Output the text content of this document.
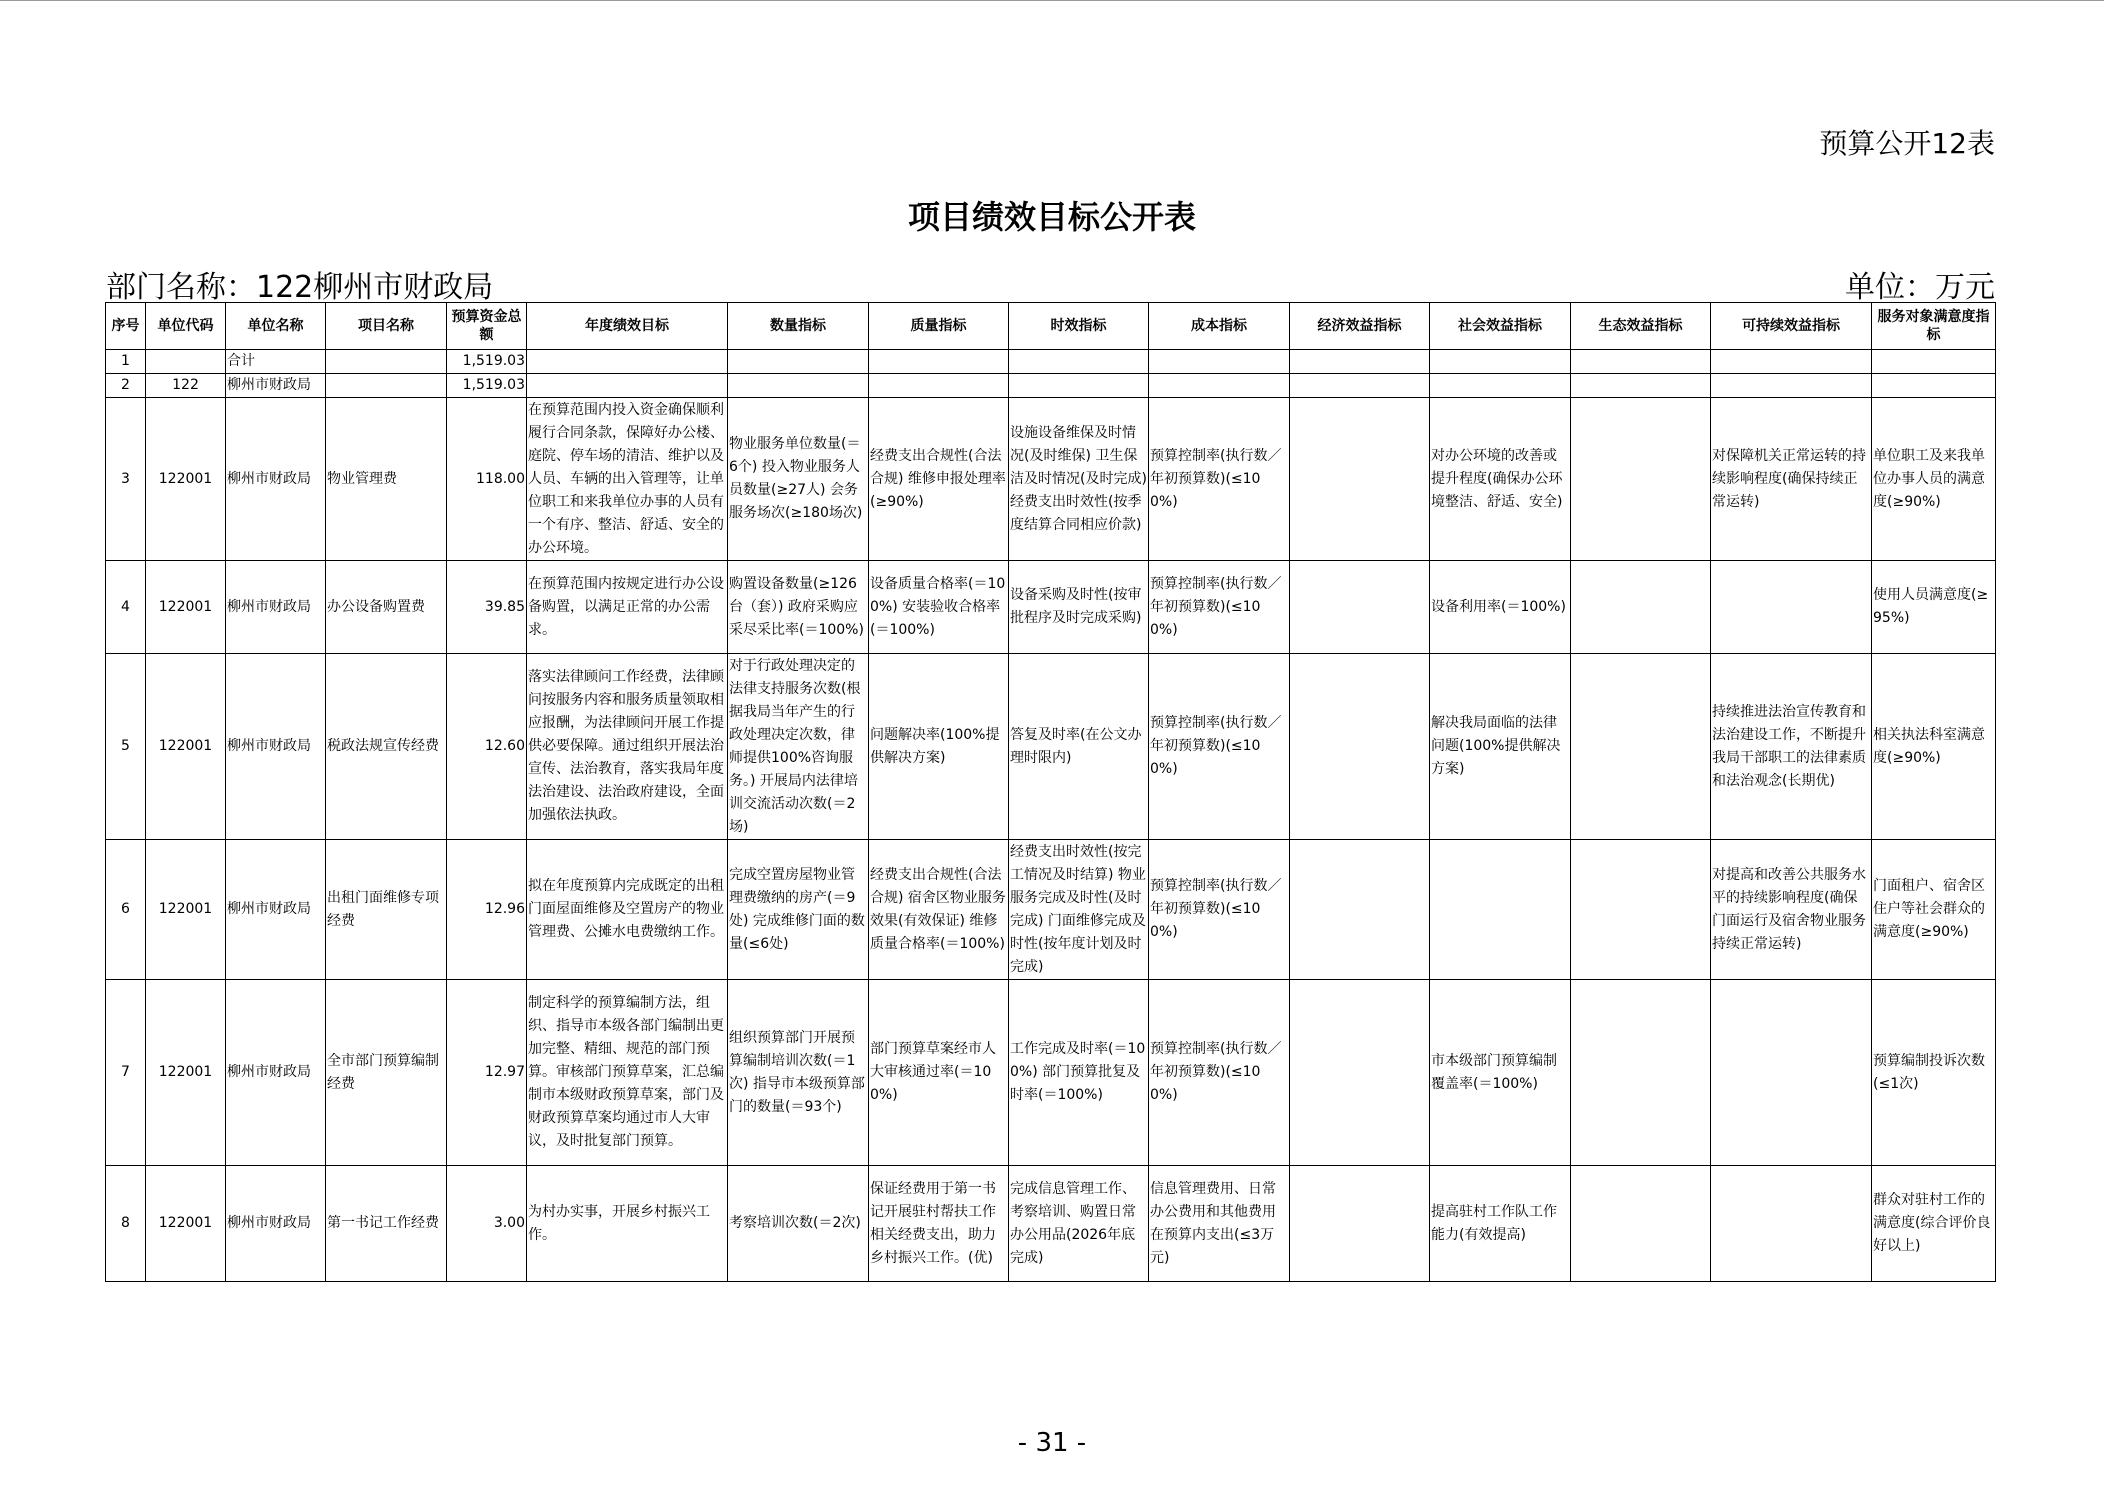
预算公开12表
项目绩效目标公开表
部门名称：122柳州市财政局	单位：万元
序号	单位代码	单位名称	项目名称	预算资金总额	年度绩效目标	数量指标	质量指标	时效指标	成本指标	经济效益指标	社会效益指标	生态效益指标	可持续效益指标	服务对象满意度指标
1		合计		1,519.03										
2	122	柳州市财政局		1,519.03										
3	122001	柳州市财政局	物业管理费	118.00	在预算范围内投入资金确保顺利履行合同条款，保障好办公楼、庭院、停车场的清洁、维护以及人员、车辆的出入管理等，让单位职工和来我单位办事的人员有一个有序、整洁、舒适、安全的办公环境。	物业服务单位数量(＝6个) 投入物业服务人员数量(≥27人) 会务服务场次(≥180场次)	经费支出合规性(合法合规) 维修申报处理率(≥90%)	设施设备维保及时情况(及时维保) 卫生保洁及时情况(及时完成) 经费支出时效性(按季度结算合同相应价款)	预算控制率(执行数／年初预算数)(≤100%)		对办公环境的改善或提升程度(确保办公环境整洁、舒适、安全)		对保障机关正常运转的持续影响程度(确保持续正常运转)	单位职工及来我单位办事人员的满意度(≥90%)
4	122001	柳州市财政局	办公设备购置费	39.85	在预算范围内按规定进行办公设备购置，以满足正常的办公需求。	购置设备数量(≥126台（套）) 政府采购应采尽采比率(＝100%)	设备质量合格率(＝100%) 安装验收合格率(＝100%)	设备采购及时性(按审批程序及时完成采购)	预算控制率(执行数／年初预算数)(≤100%)		设备利用率(＝100%)			使用人员满意度(≥95%)
5	122001	柳州市财政局	税政法规宣传经费	12.60	落实法律顾问工作经费，法律顾问按服务内容和服务质量领取相应报酬，为法律顾问开展工作提供必要保障。通过组织开展法治宣传、法治教育，落实我局年度法治建设、法治政府建设，全面加强依法执政。	对于行政处理决定的法律支持服务次数(根据我局当年产生的行政处理决定次数，律师提供100%咨询服务。) 开展局内法律培训交流活动次数(＝2场)	问题解决率(100%提供解决方案)	答复及时率(在公文办理时限内)	预算控制率(执行数／年初预算数)(≤100%)		解决我局面临的法律问题(100%提供解决方案)		持续推进法治宣传教育和法治建设工作，不断提升我局干部职工的法律素质和法治观念(长期优)	相关执法科室满意度(≥90%)
6	122001	柳州市财政局	出租门面维修专项经费	12.96	拟在年度预算内完成既定的出租门面屋面维修及空置房产的物业管理费、公摊水电费缴纳工作。	完成空置房屋物业管理费缴纳的房产(＝9处) 完成维修门面的数量(≤6处)	经费支出合规性(合法合规) 宿舍区物业服务效果(有效保证) 维修质量合格率(＝100%)	经费支出时效性(按完工情况及时结算) 物业服务完成及时性(及时完成) 门面维修完成及时性(按年度计划及时完成)	预算控制率(执行数／年初预算数)(≤100%)				对提高和改善公共服务水平的持续影响程度(确保门面运行及宿舍物业服务持续正常运转)	门面租户、宿舍区住户等社会群众的满意度(≥90%)
7	122001	柳州市财政局	全市部门预算编制经费	12.97	制定科学的预算编制方法，组织、指导市本级各部门编制出更加完整、精细、规范的部门预算。审核部门预算草案，汇总编制市本级财政预算草案，部门及财政预算草案均通过市人大审议，及时批复部门预算。	组织预算部门开展预算编制培训次数(＝1次) 指导市本级预算部门的数量(＝93个)	部门预算草案经市人大审核通过率(＝100%)	工作完成及时率(＝100%) 部门预算批复及时率(＝100%)	预算控制率(执行数／年初预算数)(≤100%)		市本级部门预算编制覆盖率(＝100%)			预算编制投诉次数(≤1次)
8	122001	柳州市财政局	第一书记工作经费	3.00	为村办实事，开展乡村振兴工作。	考察培训次数(＝2次)	保证经费用于第一书记开展驻村帮扶工作相关经费支出，助力乡村振兴工作。(优)	完成信息管理工作、考察培训、购置日常办公用品(2026年底完成)	信息管理费用、日常办公费用和其他费用在预算内支出(≤3万元)		提高驻村工作队工作能力(有效提高)			群众对驻村工作的满意度(综合评价良好以上)
- 31 -
